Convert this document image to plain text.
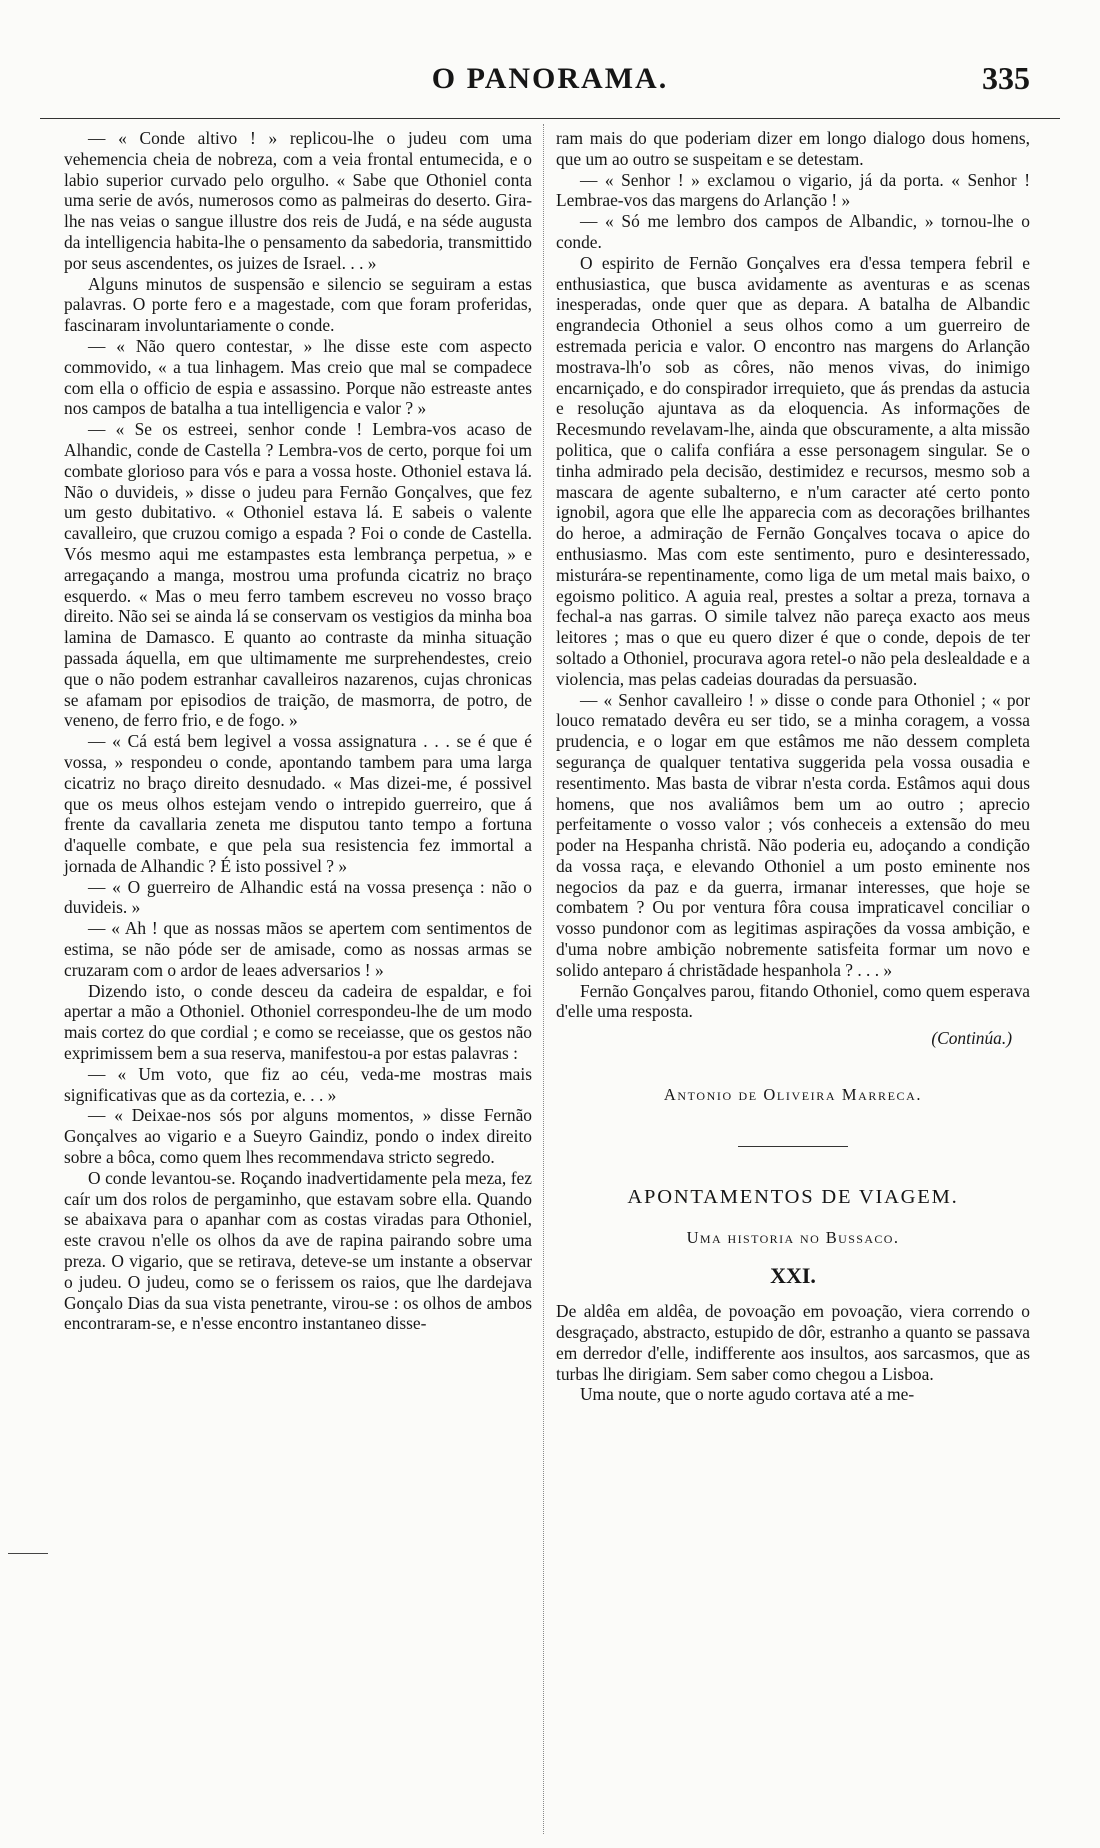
O PANORAMA.	335

— « Conde altivo ! » replicou-lhe o judeu com uma vehemencia cheia de nobreza, com a veia frontal entumecida, e o labio superior curvado pelo orgulho. « Sabe que Othoniel conta uma serie de avós, numerosos como as palmeiras do deserto. Gira-lhe nas veias o sangue illustre dos reis de Judá, e na séde augusta da intelligencia habita-lhe o pensamento da sabedoria, transmittido por seus ascendentes, os juizes de Israel. . . »

Alguns minutos de suspensão e silencio se seguiram a estas palavras. O porte fero e a magestade, com que foram proferidas, fascinaram involuntariamente o conde.

— « Não quero contestar, » lhe disse este com aspecto commovido, « a tua linhagem. Mas creio que mal se compadece com ella o officio de espia e assassino. Porque não estreaste antes nos campos de batalha a tua intelligencia e valor ? »

— « Se os estreei, senhor conde ! Lembra-vos acaso de Alhandic, conde de Castella ? Lembra-vos de certo, porque foi um combate glorioso para vós e para a vossa hoste. Othoniel estava lá. Não o duvideis, » disse o judeu para Fernão Gonçalves, que fez um gesto dubitativo. « Othoniel estava lá. E sabeis o valente cavalleiro, que cruzou comigo a espada ? Foi o conde de Castella. Vós mesmo aqui me estampastes esta lembrança perpetua, » e arregaçando a manga, mostrou uma profunda cicatriz no braço esquerdo. « Mas o meu ferro tambem escreveu no vosso braço direito. Não sei se ainda lá se conservam os vestigios da minha boa lamina de Damasco. E quanto ao contraste da minha situação passada áquella, em que ultimamente me surprehendestes, creio que o não podem estranhar cavalleiros nazarenos, cujas chronicas se afamam por episodios de traição, de masmorra, de potro, de veneno, de ferro frio, e de fogo. »

— « Cá está bem legivel a vossa assignatura . . . se é que é vossa, » respondeu o conde, apontando tambem para uma larga cicatriz no braço direito desnudado. « Mas dizei-me, é possivel que os meus olhos estejam vendo o intrepido guerreiro, que á frente da cavallaria zeneta me disputou tanto tempo a fortuna d'aquelle combate, e que pela sua resistencia fez immortal a jornada de Alhandic ? É isto possivel ? »

— « O guerreiro de Alhandic está na vossa presença : não o duvideis. »

— « Ah ! que as nossas mãos se apertem com sentimentos de estima, se não póde ser de amisade, como as nossas armas se cruzaram com o ardor de leaes adversarios ! »

Dizendo isto, o conde desceu da cadeira de espaldar, e foi apertar a mão a Othoniel. Othoniel correspondeu-lhe de um modo mais cortez do que cordial ; e como se receiasse, que os gestos não exprimissem bem a sua reserva, manifestou-a por estas palavras :

— « Um voto, que fiz ao céu, veda-me mostras mais significativas que as da cortezia, e. . . »

— « Deixae-nos sós por alguns momentos, » disse Fernão Gonçalves ao vigario e a Sueyro Gaindiz, pondo o index direito sobre a bôca, como quem lhes recommendava stricto segredo.

O conde levantou-se. Roçando inadvertidamente pela meza, fez caír um dos rolos de pergaminho, que estavam sobre ella. Quando se abaixava para o apanhar com as costas viradas para Othoniel, este cravou n'elle os olhos da ave de rapina pairando sobre uma preza. O vigario, que se retirava, deteve-se um instante a observar o judeu. O judeu, como se o ferissem os raios, que lhe dardejava Gonçalo Dias da sua vista penetrante, virou-se : os olhos de ambos encontraram-se, e n'esse encontro instantaneo disse-

ram mais do que poderiam dizer em longo dialogo dous homens, que um ao outro se suspeitam e se detestam.

— « Senhor ! » exclamou o vigario, já da porta. « Senhor ! Lembrae-vos das margens do Arlanção ! »

— « Só me lembro dos campos de Albandic, » tornou-lhe o conde.

O espirito de Fernão Gonçalves era d'essa tempera febril e enthusiastica, que busca avidamente as aventuras e as scenas inesperadas, onde quer que as depara. A batalha de Albandic engrandecia Othoniel a seus olhos como a um guerreiro de estremada pericia e valor. O encontro nas margens do Arlanção mostrava-lh'o sob as côres, não menos vivas, do inimigo encarniçado, e do conspirador irrequieto, que ás prendas da astucia e resolução ajuntava as da eloquencia. As informações de Recesmundo revelavam-lhe, ainda que obscuramente, a alta missão politica, que o califa confiára a esse personagem singular. Se o tinha admirado pela decisão, destimidez e recursos, mesmo sob a mascara de agente subalterno, e n'um caracter até certo ponto ignobil, agora que elle lhe apparecia com as decorações brilhantes do heroe, a admiração de Fernão Gonçalves tocava o apice do enthusiasmo. Mas com este sentimento, puro e desinteressado, misturára-se repentinamente, como liga de um metal mais baixo, o egoismo politico. A aguia real, prestes a soltar a preza, tornava a fechal-a nas garras. O simile talvez não pareça exacto aos meus leitores ; mas o que eu quero dizer é que o conde, depois de ter soltado a Othoniel, procurava agora retel-o não pela deslealdade e a violencia, mas pelas cadeias douradas da persuasão.

— « Senhor cavalleiro ! » disse o conde para Othoniel ; « por louco rematado devêra eu ser tido, se a minha coragem, a vossa prudencia, e o logar em que estâmos me não dessem completa segurança de qualquer tentativa suggerida pela vossa ousadia e resentimento. Mas basta de vibrar n'esta corda. Estâmos aqui dous homens, que nos avaliâmos bem um ao outro ; aprecio perfeitamente o vosso valor ; vós conheceis a extensão do meu poder na Hespanha christã. Não poderia eu, adoçando a condição da vossa raça, e elevando Othoniel a um posto eminente nos negocios da paz e da guerra, irmanar interesses, que hoje se combatem ? Ou por ventura fôra cousa impraticavel conciliar o vosso pundonor com as legitimas aspirações da vossa ambição, e d'uma nobre ambição nobremente satisfeita formar um novo e solido anteparo á christãdade hespanhola ? . . . »

Fernão Gonçalves parou, fitando Othoniel, como quem esperava d'elle uma resposta.

(Continúa.)

Antonio de Oliveira Marreca.

APONTAMENTOS DE VIAGEM.

Uma historia no Bussaco.

XXI.

De aldêa em aldêa, de povoação em povoação, viera correndo o desgraçado, abstracto, estupido de dôr, estranho a quanto se passava em derredor d'elle, indifferente aos insultos, aos sarcasmos, que as turbas lhe dirigiam. Sem saber como chegou a Lisboa.

Uma noute, que o norte agudo cortava até a me-
